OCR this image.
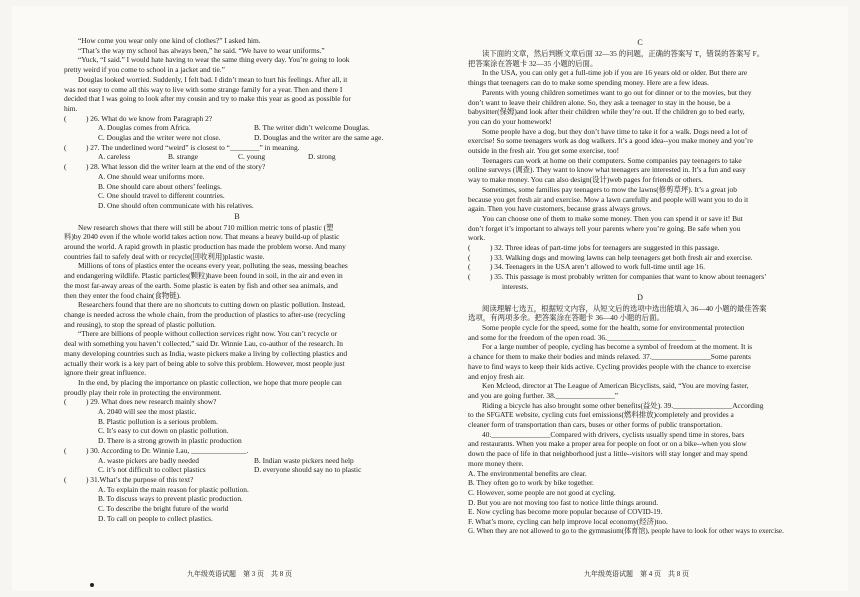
“How come you wear only one kind of clothes?” I asked him.

“That’s the way my school has always been,” he said. “We have to wear uniforms.”

“Yuck, “I said.” I would hate having to wear the same thing every day. You’re going to look

pretty weird if you come to school in a jacket and tie.”

Douglas looked worried. Suddenly, I felt bad. I didn’t mean to hurt his feelings. After all, it

was not easy to come all this way to live with some strange family for a year. Then and there I

decided that I was going to look after my cousin and try to make this year as good as possible for

him.

(	) 26. What do we know from Paragraph 2?
A. Douglas comes from Africa.	B. The writer didn’t welcome Douglas.
C. Douglas and the writer were not close.	D. Douglas and the writer are the same age.
(	) 27. The underlined word “weird” is closest to “________” in meaning.
A. careless	B. strange	C. young	D. strong
(	) 28. What lesson did the writer learn at the end of the story?

A. One should wear uniforms more.

B. One should care about others’ feelings.

C. One should travel to different countries.

D. One should often communicate with his relatives.

B

New research shows that there will still be about 710 million metric tons of plastic (塑

料)by 2040 even if the whole world takes action now. That means a heavy build-up of plastic

around the world. A rapid growth in plastic production has made the problem worse. And many

countries fail to safely deal with or recycle(回收利用)plastic waste.

Millions of tons of plastics enter the oceans every year, polluting the seas, messing beaches

and endangering wildlife. Plastic particles(颗粒)have been found in soil, in the air and even in

the most far-away areas of the earth. Some plastic is eaten by fish and other sea animals, and

then they enter the food chain(食物链).

Researchers found that there are no shortcuts to cutting down on plastic pollution. Instead,

change is needed across the whole chain, from the production of plastics to after-use (recycling

and reusing), to stop the spread of plastic pollution.

“There are billions of people without collection services right now. You can’t recycle or

deal with something you haven’t collected,” said Dr. Winnie Lau, co-author of the research. In

many developing countries such as India, waste pickers make a living by collecting plastics and

actually their work is a key part of being able to solve this problem. However, most people just

ignore their great influence.

In the end, by placing the importance on plastic collection, we hope that more people can

proudly play their role in protecting the environment.

(	) 29. What does new research mainly show?

A. 2040 will see the most plastic.

B. Plastic pollution is a serious problem.

C. It’s easy to cut down on plastic pollution.

D. There is a strong growth in plastic production

(	) 30. According to Dr. Winnie Lau, _______________.
A. waste pickers are badly needed	B. Indian waste pickers need help
C. it’s not difficult to collect plastics	D. everyone should say no to plastic
(	) 31.What’s the purpose of this text?

A. To explain the main reason for plastic pollution.

B. To discuss ways to prevent plastic production.

C. To describe the bright future of the world

D. To call on people to collect plastics.

C

读下面的文章，然后判断文章后面 32—35 的问题，正确的答案写 T，错误的答案写 F。

把答案涂在答题卡 32—35 小题的后面。

In the USA, you can only get a full-time job if you are 16 years old or older. But there are

things that teenagers can do to make some spending money. Here are a few ideas.

Parents with young children sometimes want to go out for dinner or to the movies, but they

don’t want to leave their children alone. So, they ask a teenager to stay in the house, be a

babysitter(保姆)and look after their children while they’re out. If the children go to bed early,

you can do your homework!

Some people have a dog, but they don’t have time to take it for a walk. Dogs need a lot of

exercise! So some teenagers work as dog walkers. It’s a good idea--you make money and you’re

outside in the fresh air. You get some exercise, too!

Teenagers can work at home on their computers. Some companies pay teenagers to take

online surveys (调查). They want to know what teenagers are interested in. It’s a fun and easy

way to make money. You can also design(设计)web pages for friends or others.

Sometimes, some families pay teenagers to mow the lawns(修剪草坪). It’s a great job

because you get fresh air and exercise. Mow a lawn carefully and people will want you to do it

again. Then you have customers, because grass always grows.

You can choose one of them to make some money. Then you can spend it or save it! But

don’t forget it’s important to always tell your parents where you’re going. Be safe when you

work.

(	) 32. Three ideas of part-time jobs for teenagers are suggested in this passage.
(	) 33. Walking dogs and mowing lawns can help teenagers get both fresh air and exercise.
(	) 34. Teenagers in the USA aren’t allowed to work full-time until age 16.
(	) 35. This passage is most probably written for companies that want to know about teenagers’

interests.

D

阅读理解七选五，根据短文内容，从短文后的选项中选出能填入 36—40 小题的最佳答案

选项，有两项多余。把答案涂在答题卡 36—40 小题的后面。

Some people cycle for the speed, some for the health, some for environmental protection

and some for the freedom of the open road. 36.________________________

For a large number of people, cycling has become a symbol of freedom at the moment. It is

a chance for them to make their bodies and minds relaxed. 37.________________Some parents

have to find ways to keep their kids active. Cycling provides people with the chance to exercise

and enjoy fresh air.

Ken Mcleod, director at The League of American Bicyclists, said, “You are moving faster,

and you are going further. 38.________________”

Riding a bicycle has also brought some other benefits(益处). 39.________________According

to the SFGATE website, cycling cuts fuel emissions(燃料排放)completely and provides a

cleaner form of transportation than cars, buses or other forms of public transportation.

40.________________Compared with drivers, cyclists usually spend time in stores, bars

and restaurants. When you make a proper area for people on foot or on a bike--when you slow

down the pace of life in that neighborhood just a little--visitors will stay longer and may spend

more money there.

A. The environmental benefits are clear.

B. They often go to work by bike together.

C. However, some people are not good at cycling.

D. But you are not moving too fast to notice little things around.

E. Now cycling has become more popular because of COVID-19.

F. What’s more, cycling can help improve local economy(经济)too.

G. When they are not allowed to go to the gymnasium(体育馆), people have to look for other ways to exercise.

九年级英语试题　第 3 页　共 8 页	九年级英语试题　第 4 页　共 8 页
